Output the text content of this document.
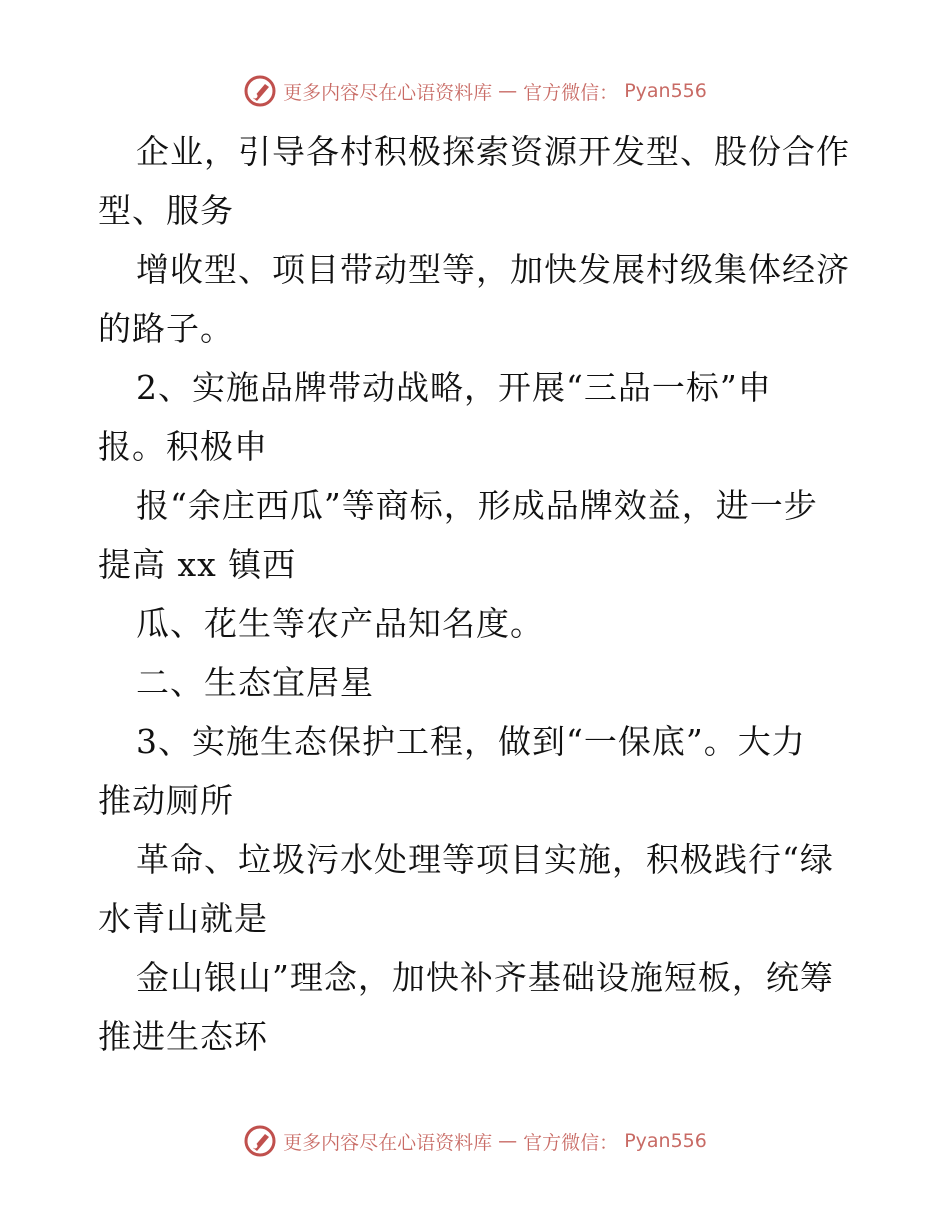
更多内容尽在心语资料库 — 官方微信： Pyan556
企业，引导各村积极探索资源开发型、股份合作
型、服务
增收型、项目带动型等，加快发展村级集体经济
的路子。
2、实施品牌带动战略，开展“三品一标”申
报。积极申
报“余庄西瓜”等商标，形成品牌效益，进一步
提高 xx 镇西
瓜、花生等农产品知名度。
二、生态宜居星
3、实施生态保护工程，做到“一保底”。大力
推动厕所
革命、垃圾污水处理等项目实施，积极践行“绿
水青山就是
金山银山”理念，加快补齐基础设施短板，统筹
推进生态环
更多内容尽在心语资料库 — 官方微信： Pyan556
